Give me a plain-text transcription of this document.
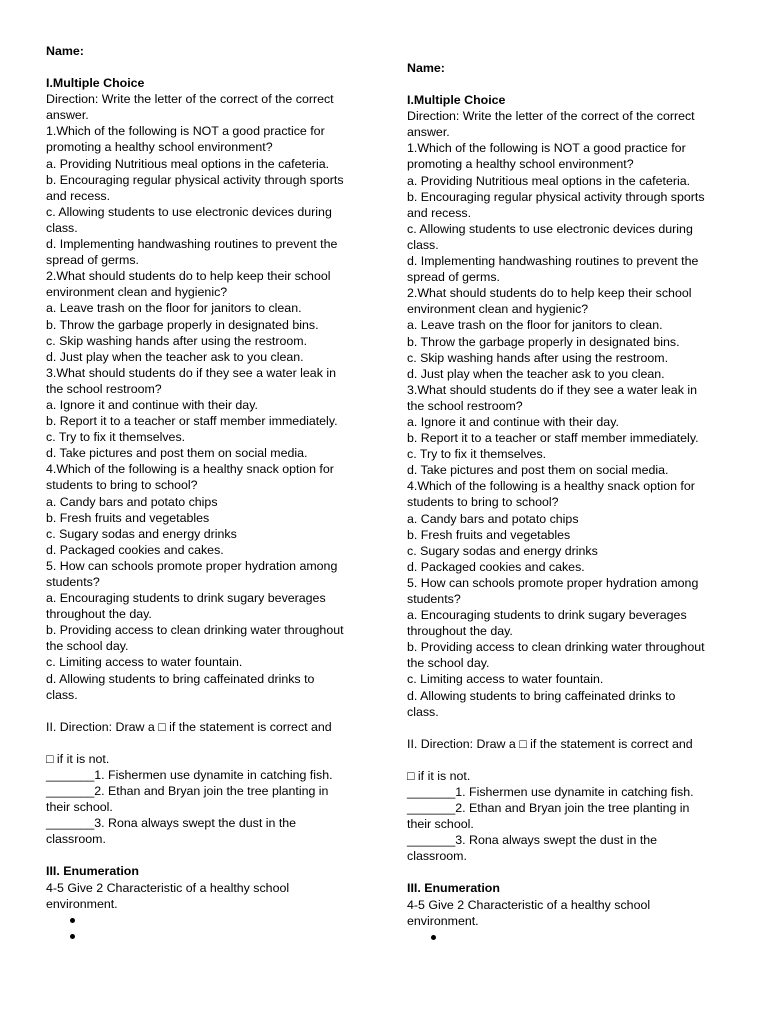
Name:
I.Multiple Choice
Direction: Write the letter of the correct of the correct
answer.
1.Which of the following is NOT a good practice for
promoting a healthy school environment?
a. Providing Nutritious meal options in the cafeteria.
b. Encouraging regular physical activity through sports
and recess.
c. Allowing students to use electronic devices during
class.
d. Implementing handwashing routines to prevent the
spread of germs.
2.What should students do to help keep their school
environment clean and hygienic?
a. Leave trash on the floor for janitors to clean.
b. Throw the garbage properly in designated bins.
c. Skip washing hands after using the restroom.
d. Just play when the teacher ask to you clean.
3.What should students do if they see a water leak in
the school restroom?
a. Ignore it and continue with their day.
b. Report it to a teacher or staff member immediately.
c. Try to fix it themselves.
d. Take pictures and post them on social media.
4.Which of the following is a healthy snack option for
students to bring to school?
a. Candy bars and potato chips
b. Fresh fruits and vegetables
c. Sugary sodas and energy drinks
d. Packaged cookies and cakes.
5. How can schools promote proper hydration among
students?
a. Encouraging students to drink sugary beverages
throughout the day.
b. Providing access to clean drinking water throughout
the school day.
c. Limiting access to water fountain.
d. Allowing students to bring caffeinated drinks to
class.
II. Direction: Draw a □ if the statement is correct and
□ if it is not.
_______1. Fishermen use dynamite in catching fish.
_______2. Ethan and Bryan join the tree planting in
their school.
_______3. Rona always swept the dust in the
classroom.
III. Enumeration
4-5 Give 2 Characteristic of a healthy school
environment.
Name:
I.Multiple Choice
Direction: Write the letter of the correct of the correct
answer.
1.Which of the following is NOT a good practice for
promoting a healthy school environment?
a. Providing Nutritious meal options in the cafeteria.
b. Encouraging regular physical activity through sports
and recess.
c. Allowing students to use electronic devices during
class.
d. Implementing handwashing routines to prevent the
spread of germs.
2.What should students do to help keep their school
environment clean and hygienic?
a. Leave trash on the floor for janitors to clean.
b. Throw the garbage properly in designated bins.
c. Skip washing hands after using the restroom.
d. Just play when the teacher ask to you clean.
3.What should students do if they see a water leak in
the school restroom?
a. Ignore it and continue with their day.
b. Report it to a teacher or staff member immediately.
c. Try to fix it themselves.
d. Take pictures and post them on social media.
4.Which of the following is a healthy snack option for
students to bring to school?
a. Candy bars and potato chips
b. Fresh fruits and vegetables
c. Sugary sodas and energy drinks
d. Packaged cookies and cakes.
5. How can schools promote proper hydration among
students?
a. Encouraging students to drink sugary beverages
throughout the day.
b. Providing access to clean drinking water throughout
the school day.
c. Limiting access to water fountain.
d. Allowing students to bring caffeinated drinks to
class.
II. Direction: Draw a □ if the statement is correct and
□ if it is not.
_______1. Fishermen use dynamite in catching fish.
_______2. Ethan and Bryan join the tree planting in
their school.
_______3. Rona always swept the dust in the
classroom.
III. Enumeration
4-5 Give 2 Characteristic of a healthy school
environment.
